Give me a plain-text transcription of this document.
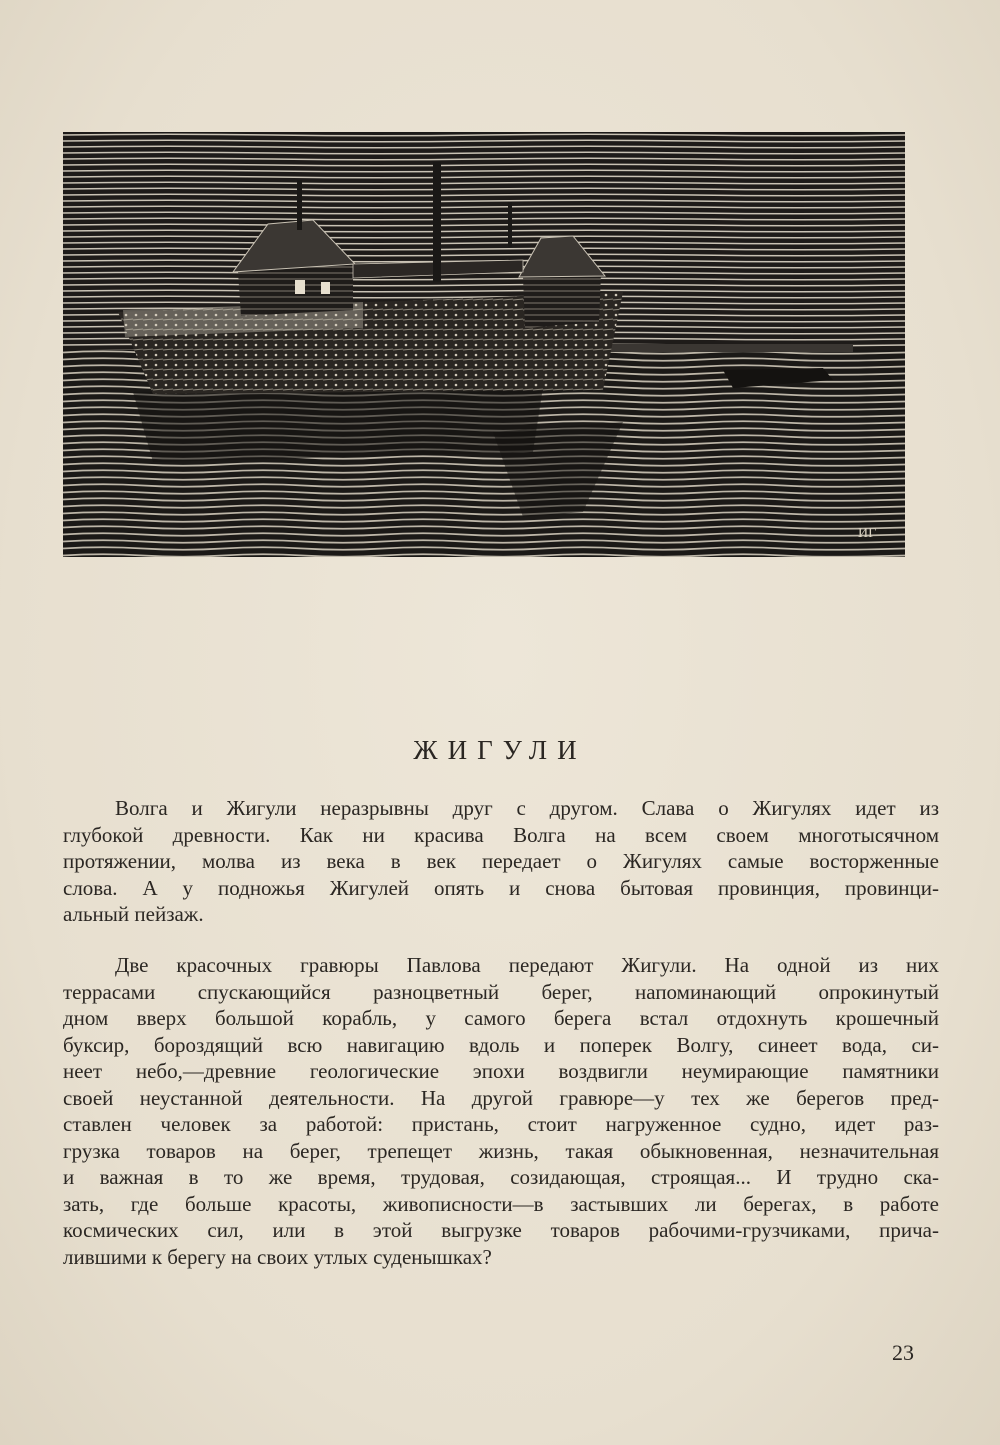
ИГ
ЖИГУЛИ
Волга и Жигули неразрывны друг с другом. Слава о Жигулях идет из
глубокой древности. Как ни красива Волга на всем своем многотысячном
протяжении, молва из века в век передает о Жигулях самые восторженные
слова. А у подножья Жигулей опять и снова бытовая провинция, провинци-
альный пейзаж.
Две красочных гравюры Павлова передают Жигули. На одной из них
террасами спускающийся разноцветный берег, напоминающий опрокинутый
дном вверх большой корабль, у самого берега встал отдохнуть крошечный
буксир, бороздящий всю навигацию вдоль и поперек Волгу, синеет вода, си-
неет небо,—древние геологические эпохи воздвигли неумирающие памятники
своей неустанной деятельности. На другой гравюре—у тех же берегов пред-
ставлен человек за работой: пристань, стоит нагруженное судно, идет раз-
грузка товаров на берег, трепещет жизнь, такая обыкновенная, незначительная
и важная в то же время, трудовая, созидающая, строящая... И трудно ска-
зать, где больше красоты, живописности—в застывших ли берегах, в работе
космических сил, или в этой выгрузке товаров рабочими-грузчиками, прича-
лившими к берегу на своих утлых суденышках?
23
